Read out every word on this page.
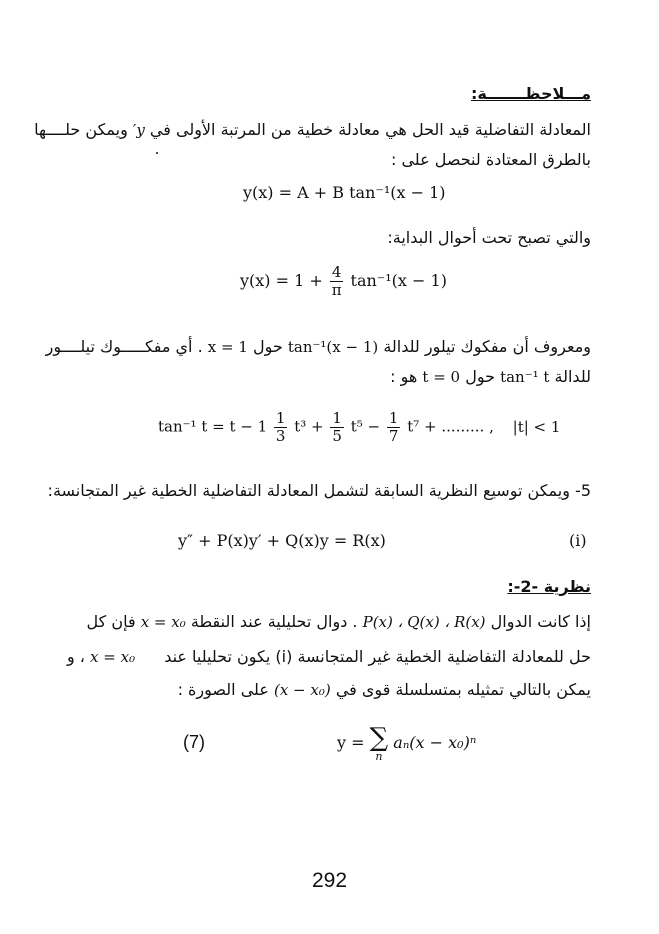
مـــلاحظـــــــة:
المعادلة التفاضلية قيد الحل هي معادلة خطية من المرتبة الأولى في y′ ويمكن حلــــها
بالطرق المعتادة لنحصل على :
y(x) = A + B tan⁻¹(x − 1)
والتي تصبح تحت أحوال البداية:
$y(x) = 1 + \frac{4}{\pi} \tan^{-1}(x - 1)$
ومعروف أن مفكوك تيلور للدالة tan⁻¹(x − 1) حول x = 1 . أي مفكـــــوك تيلــــور
للدالة tan⁻¹ t حول t = 0 هو :
tan⁻¹ $t = t - 1 \frac{1}{3} t^3 + \frac{1}{5} t^5 - \frac{1}{7} t^7$ + ......... , |t| < 1
5- ويمكن توسيع النظرية السابقة لتشمل المعادلة التفاضلية الخطية غير المتجانسة:
y″ + P(x)y′ + Q(x)y = R(x)	(i)
نظرية -2-:
إذا كانت الدوال P(x) ، Q(x) ، R(x) . دوال تحليلية عند النقطة x = x₀ فإن كل
حل للمعادلة التفاضلية الخطية غير المتجانسة (i) يكون تحليليا عند x = x₀ ، و
يمكن بالتالي تمثيله بمتسلسلة قوى في (x − x₀) على الصورة :
y = ∑
n
aₙ(x − x₀)ⁿ
(7)
292
